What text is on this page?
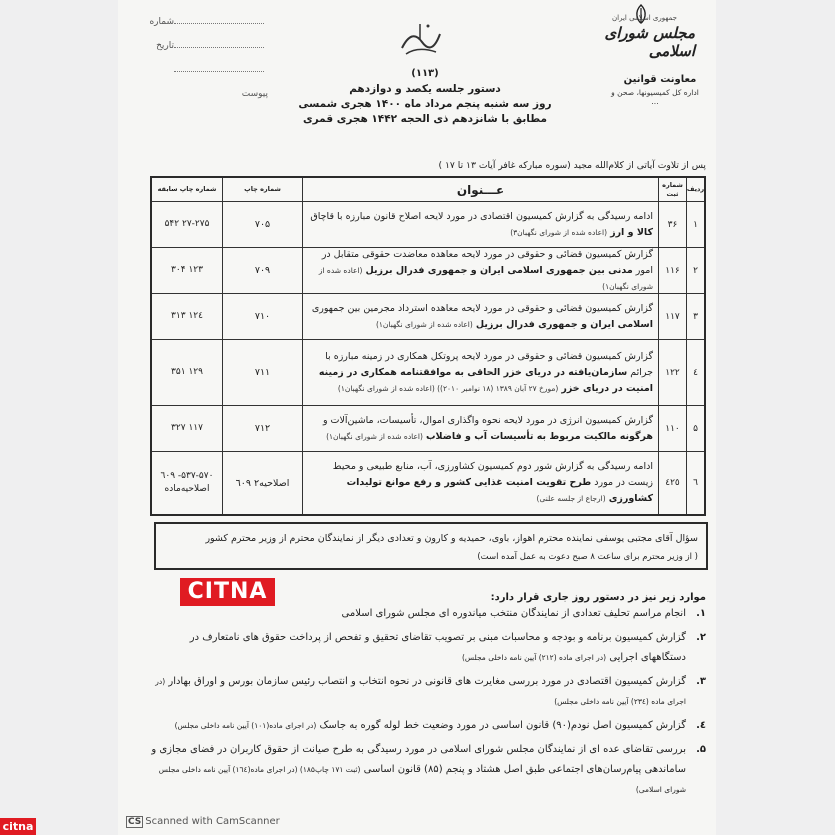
شماره
تاریخ
پیوست
جمهوری اسلامی ایران
مجلس شورای اسلامی
معاونت قوانین
اداره کل کمیسیونها، صحن و ...
(۱۱۳)
دستور جلسه یکصد و دوازدهم
روز سه شنبه پنجم مرداد ماه ۱۴۰۰ هجری شمسی
مطابق با شانزدهم ذی الحجه ۱۴۴۲ هجری قمری
پس از تلاوت آیاتی از کلام‌الله مجید (سوره مبارکه غافر آیات ۱۳ تا ۱۷ )
ردیف
شماره ثبت
عـــنوان
شماره چاپ
شماره چاپ سابقه
۱
۳۶
ادامه رسیدگی به گزارش کمیسیون اقتصادی در مورد لایحه اصلاح قانون مبارزه با قاچاق کالا و ارز (اعاده شده از شورای نگهبان۳)
۷۰۵
۲۷-۲۷۵ ۵۴۲
۲
۱۱۶
گزارش کمیسیون قضائی و حقوقی در مورد لایحه معاهده معاضدت حقوقی متقابل در امور مدنی بین جمهوری اسلامی ایران و جمهوری فدرال برزیل (اعاده شده از شورای نگهبان۱)
۷۰۹
۱۲۳ ۳۰۴
۳
۱۱۷
گزارش کمیسیون قضائی و حقوقی در مورد لایحه معاهده استرداد مجرمین بین جمهوری اسلامی ایران و جمهوری فدرال برزیل (اعاده شده از شورای نگهبان۱)
۷۱۰
۱۲٤ ۳۱۳
٤
۱۲۲
گزارش کمیسیون قضائی و حقوقی در مورد لایحه پروتکل همکاری در زمینه مبارزه با جرائم سازمان‌یافته در دریای خزر الحاقی به موافقتنامه همکاری در زمینه امنیت در دریای خزر (مورخ ۲۷ آبان ۱۳۸۹ (۱۸ نوامبر ۲۰۱۰)) (اعاده شده از شورای نگهبان۱)
۷۱۱
۱۲۹ ۳۵۱
۵
۱۱۰
گزارش کمیسیون انرژی در مورد لایحه نحوه واگذاری اموال، تأسیسات، ماشین‌آلات و هرگونه مالکیت مربوط به تأسیسات آب و فاضلاب (اعاده شده از شورای نگهبان۱)
۷۱۲
۱۱۷ ۳۲۷
٦
٤۲٥
ادامه رسیدگی به گزارش شور دوم کمیسیون کشاورزی، آب، منابع طبیعی و محیط زیست در مورد طرح تقویت امنیت غذایی کشور و رفع موانع تولیدات کشاورزی (ارجاع از جلسه علنی)
اصلاحیه۲ ٦۰۹
۵۳۷-۵۷۰- ٦۰۹ اصلاحیه‌ماده
سؤال آقای مجتبی یوسفی نماینده محترم اهواز، باوی، حمیدیه و کارون و تعدادی دیگر از نمایندگان محترم از وزیر محترم کشور
( از وزیر محترم برای ساعت ۸ صبح دعوت به عمل آمده است)
CITNA	موارد زیر نیز در دستور روز جاری قرار دارد:
۱.
انجام مراسم تحلیف تعدادی از نمایندگان منتخب میاندوره ای مجلس شورای اسلامی
۲.
گزارش کمیسیون برنامه و بودجه و محاسبات مبنی بر تصویب تقاضای تحقیق و تفحص از پرداخت حقوق های نامتعارف در دستگاههای اجرایی (در اجرای ماده (۲۱۲) آیین نامه داخلی مجلس)
۳.
گزارش کمیسیون اقتصادی در مورد بررسی مغایرت های قانونی در نحوه انتخاب و انتصاب رئیس سازمان بورس و اوراق بهادار (در اجرای ماده (۲۳٤) آیین نامه داخلی مجلس)
٤.
گزارش کمیسیون اصل نودم(۹۰) قانون اساسی در مورد وضعیت خط لوله گوره به جاسک (در اجرای ماده(۱۰۱) آیین نامه داخلی مجلس)
۵.
بررسی تقاضای عده ای از نمایندگان مجلس شورای اسلامی در مورد رسیدگی به طرح صیانت از حقوق کاربران در فضای مجازی و ساماندهی پیام‌رسان‌های اجتماعی طبق اصل هشتاد و پنجم (۸۵) قانون اساسی (ثبت ۱۷۱ چاپ۱۸۵) (در اجرای ماده(۱٦٤) آیین نامه داخلی مجلس شورای اسلامی)
CS Scanned with CamScanner
citna
